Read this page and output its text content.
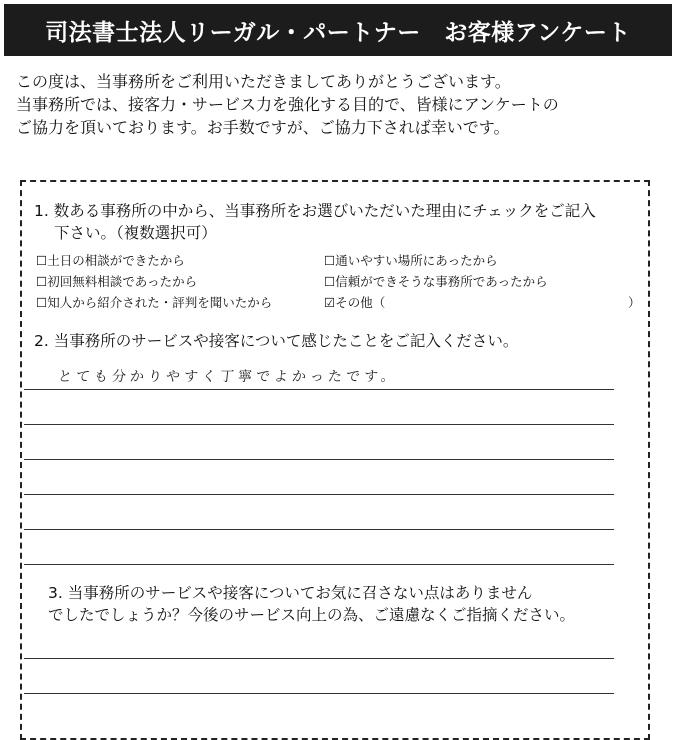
司法書士法人リーガル・パートナー　お客様アンケート
この度は、当事務所をご利用いただきましてありがとうございます。
当事務所では、接客力・サービス力を強化する目的で、皆様にアンケートの
ご協力を頂いております。お手数ですが、ご協力下されば幸いです。
1. 数ある事務所の中から、当事務所をお選びいただいた理由にチェックをご記入
下さい。（複数選択可）
☐土日の相談ができたから	☐通いやすい場所にあったから
☐初回無料相談であったから	☐信頼ができそうな事務所であったから
☐知人から紹介された・評判を聞いたから	☑その他（	）
2. 当事務所のサービスや接客について感じたことをご記入ください。
とても分かりやすく丁寧でよかったです。
3. 当事務所のサービスや接客についてお気に召さない点はありません
でしたでしょうか？今後のサービス向上の為、ご遠慮なくご指摘ください。
